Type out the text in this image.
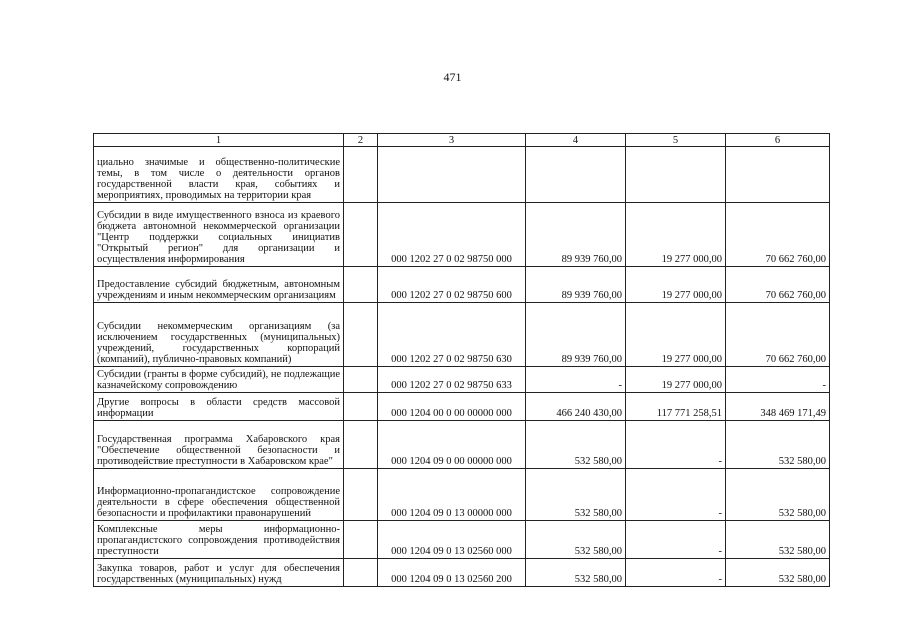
471
1	2	3	4	5	6
циально значимые и общественно-политические темы, в том числе о деятельности органов государственной власти края, событиях и мероприятиях, проводимых на территории края					
Субсидии в виде имущественного взноса из краевого бюджета автономной некоммерческой организации "Центр поддержки социальных инициатив "Открытый регион" для организации и осуществления информирования		000 1202 27 0 02 98750 000	89 939 760,00	19 277 000,00	70 662 760,00
Предоставление субсидий бюджетным, автономным учреждениям и иным некоммерческим организациям		000 1202 27 0 02 98750 600	89 939 760,00	19 277 000,00	70 662 760,00
Субсидии некоммерческим организациям (за исключением государственных (муниципальных) учреждений, государственных корпораций (компаний), публично-правовых компаний)		000 1202 27 0 02 98750 630	89 939 760,00	19 277 000,00	70 662 760,00
Субсидии (гранты в форме субсидий), не подлежащие казначейскому сопровождению		000 1202 27 0 02 98750 633	-	19 277 000,00	-
Другие вопросы в области средств массовой информации		000 1204 00 0 00 00000 000	466 240 430,00	117 771 258,51	348 469 171,49
Государственная программа Хабаровского края "Обеспечение общественной безопасности и противодействие преступности в Хабаровском крае"		000 1204 09 0 00 00000 000	532 580,00	-	532 580,00
Информационно-пропагандистское сопровождение деятельности в сфере обеспечения общественной безопасности и профилактики правонарушений		000 1204 09 0 13 00000 000	532 580,00	-	532 580,00
Комплексные меры информационно-пропагандистского сопровождения противодействия преступности		000 1204 09 0 13 02560 000	532 580,00	-	532 580,00
Закупка товаров, работ и услуг для обеспечения государственных (муниципальных) нужд		000 1204 09 0 13 02560 200	532 580,00	-	532 580,00
